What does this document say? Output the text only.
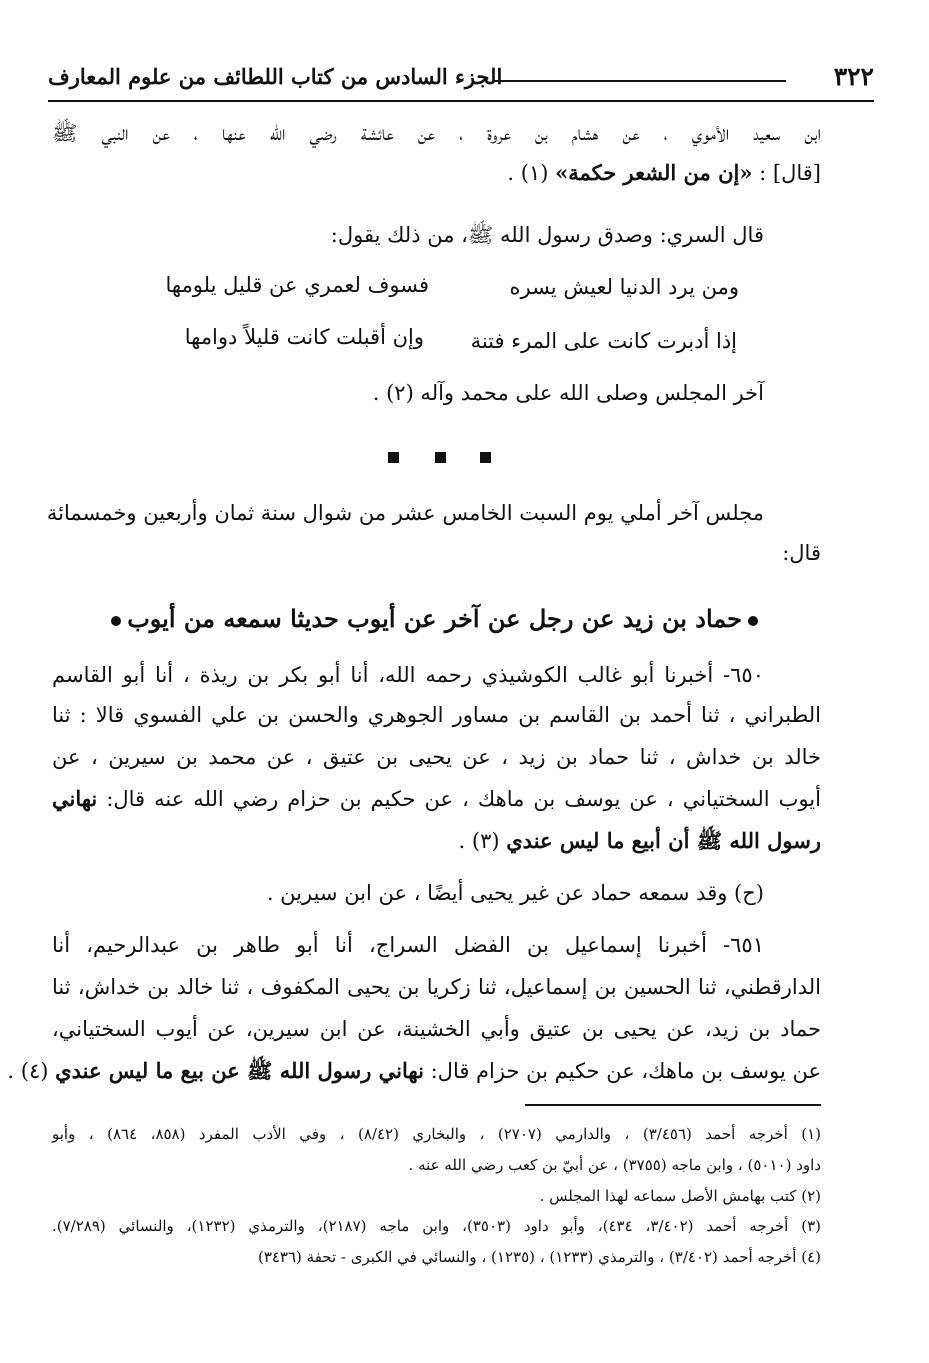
٣٢٢
الجزء السادس من كتاب اللطائف من علوم المعارف
ابن سعيد الأموي ، عن هشام بن عروة ، عن عائشة رضي الله عنها ، عن النبي ﷺ
[قال] : «إن من الشعر حكمة» (١) .
قال السري: وصدق رسول الله ﷺ، من ذلك يقول:
ومن يرد الدنيا لعيش يسره
فسوف لعمري عن قليل يلومها
إذا أدبرت كانت على المرء فتنة
وإن أقبلت كانت قليلاً دوامها
آخر المجلس وصلى الله على محمد وآله (٢) .
مجلس آخر أملي يوم السبت الخامس عشر من شوال سنة ثمان وأربعين وخمسمائة
قال:
حماد بن زيد عن رجل عن آخر عن أيوب حديثا سمعه من أيوب
٦٥٠- أخبرنا أبو غالب الكوشيذي رحمه الله، أنا أبو بكر بن ريذة ، أنا أبو القاسم
الطبراني ، ثنا أحمد بن القاسم بن مساور الجوهري والحسن بن علي الفسوي قالا : ثنا
خالد بن خداش ، ثنا حماد بن زيد ، عن يحيى بن عتيق ، عن محمد بن سيرين ، عن
أيوب السختياني ، عن يوسف بن ماهك ، عن حكيم بن حزام رضي الله عنه قال: نهاني
رسول الله ﷺ أن أبيع ما ليس عندي (٣) .
(ح) وقد سمعه حماد عن غير يحيى أيضًا ، عن ابن سيرين .
٦٥١- أخبرنا إسماعيل بن الفضل السراج، أنا أبو طاهر بن عبدالرحيم، أنا
الدارقطني، ثنا الحسين بن إسماعيل، ثنا زكريا بن يحيى المكفوف ، ثنا خالد بن خداش، ثنا
حماد بن زيد، عن يحيى بن عتيق وأبي الخشينة، عن ابن سيرين، عن أيوب السختياني،
عن يوسف بن ماهك، عن حكيم بن حزام قال: نهاني رسول الله ﷺ عن بيع ما ليس عندي (٤) .
(١) أخرجه أحمد (٣/٤٥٦) ، والدارمي (٢٧٠٧) ، والبخاري (٨/٤٢) ، وفي الأدب المفرد (٨٥٨، ٨٦٤) ، وأبو
داود (٥٠١٠) ، وابن ماجه (٣٧٥٥) ، عن أبيّ بن كعب رضي الله عنه .
(٢) كتب بهامش الأصل سماعه لهذا المجلس .
(٣) أخرجه أحمد (٣/٤٠٢، ٤٣٤)، وأبو داود (٣٥٠٣)، وابن ماجه (٢١٨٧)، والترمذي (١٢٣٢)، والنسائي (٧/٢٨٩).
(٤) أخرجه أحمد (٣/٤٠٢) ، والترمذي (١٢٣٣) ، (١٢٣٥) ، والنسائي في الكبرى - تحفة (٣٤٣٦)
